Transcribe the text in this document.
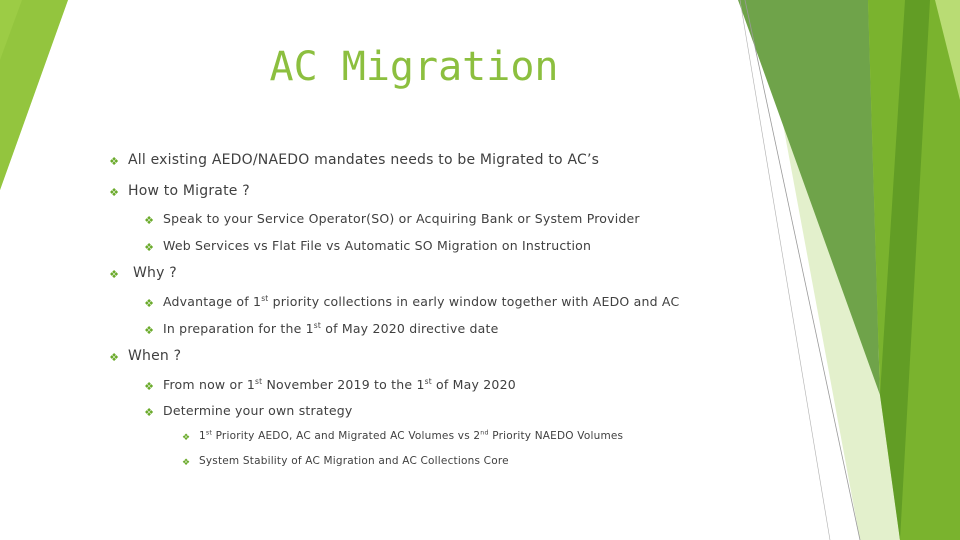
AC Migration
❖ All existing AEDO/NAEDO mandates needs to be Migrated to AC’s
❖ How to Migrate ?
❖ Speak to your Service Operator(SO) or Acquiring Bank or System Provider
❖ Web Services vs Flat File vs Automatic SO Migration on Instruction
❖ Why ?
❖ Advantage of 1st priority collections in early window together with AEDO and AC
❖ In preparation for the 1st of May 2020 directive date
❖ When ?
❖ From now or 1st November 2019 to the 1st of May 2020
❖ Determine your own strategy
❖ 1st Priority AEDO, AC and Migrated AC Volumes vs 2nd Priority NAEDO Volumes
❖ System Stability of AC Migration and AC Collections Core
